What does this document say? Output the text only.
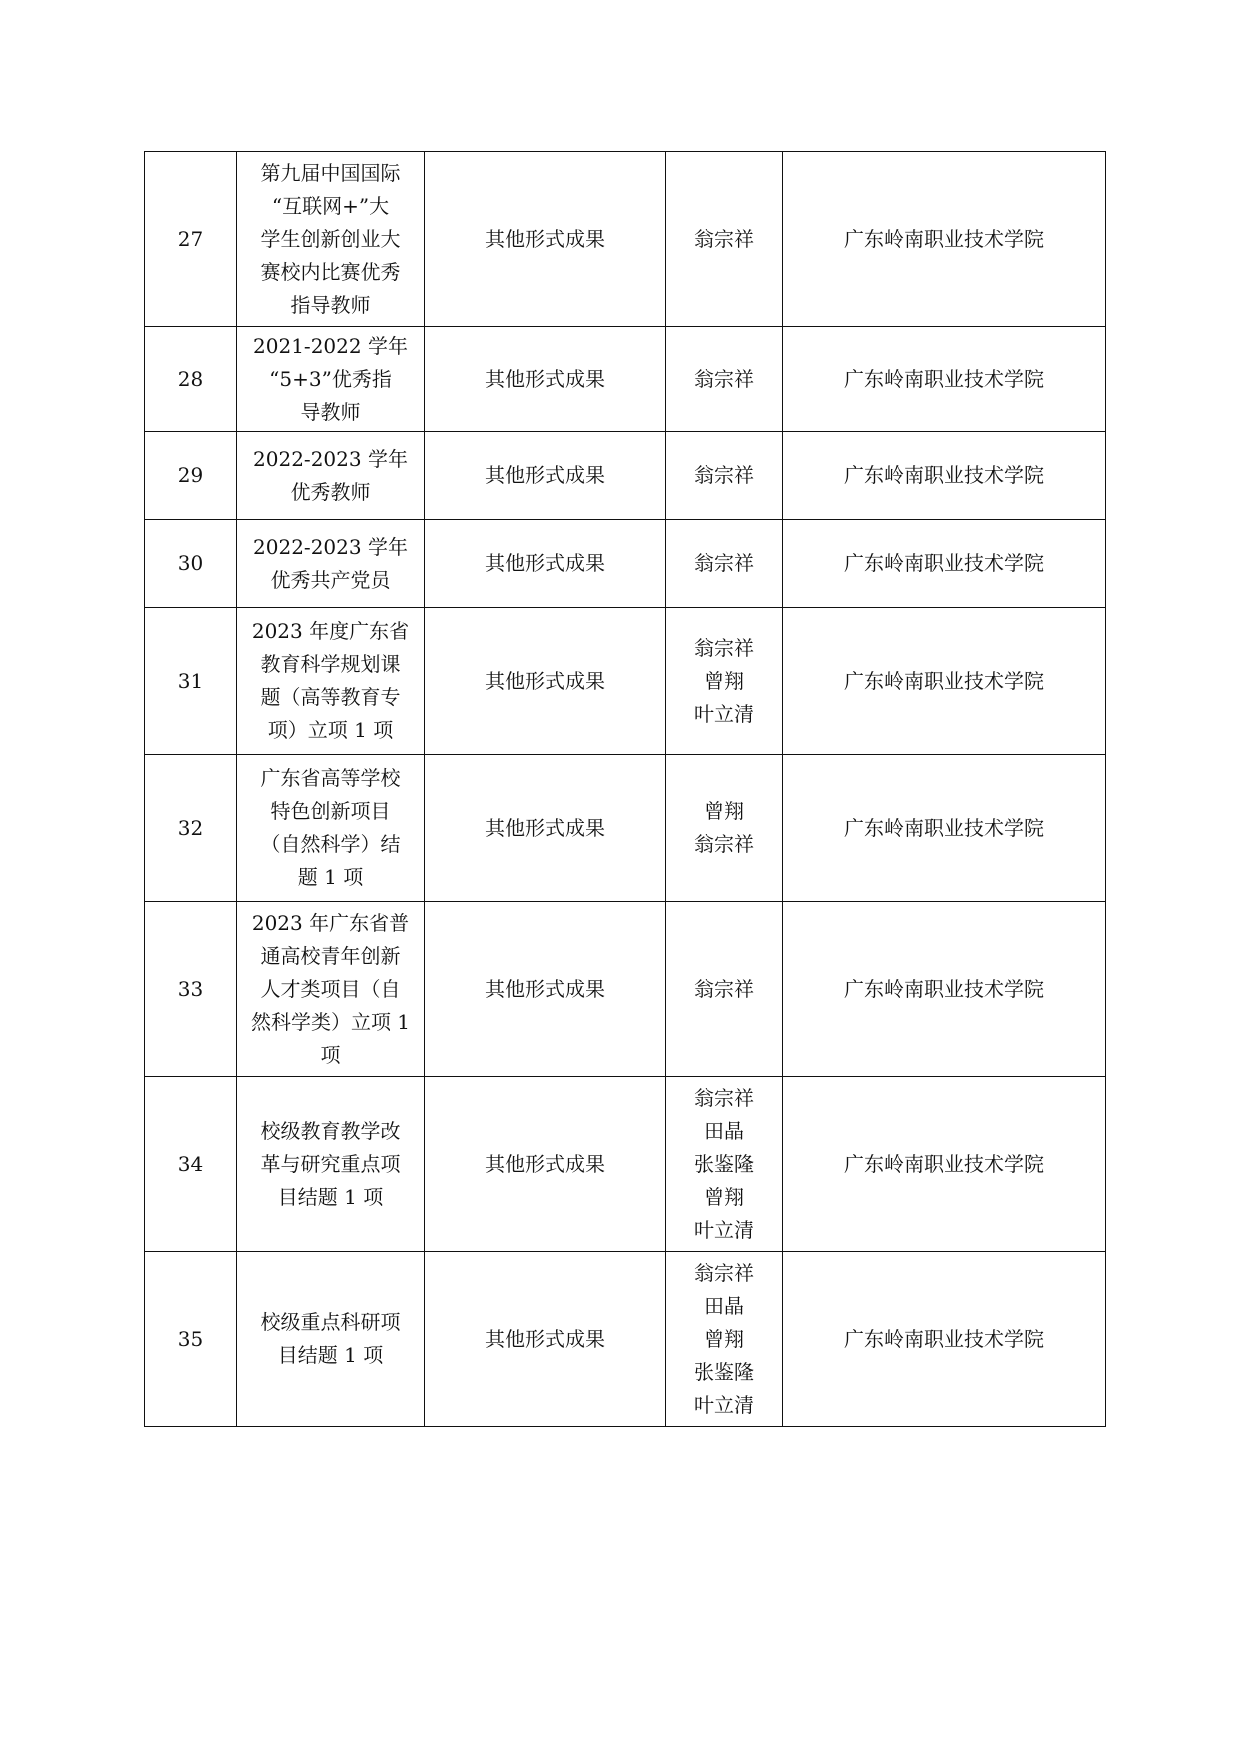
27	第九届中国国际
“互联网+”大
学生创新创业大
赛校内比赛优秀
指导教师	其他形式成果	翁宗祥	广东岭南职业技术学院
28	2021-2022 学年
“5+3”优秀指
导教师	其他形式成果	翁宗祥	广东岭南职业技术学院
29	2022-2023 学年
优秀教师	其他形式成果	翁宗祥	广东岭南职业技术学院
30	2022-2023 学年
优秀共产党员	其他形式成果	翁宗祥	广东岭南职业技术学院
31	2023 年度广东省
教育科学规划课
题（高等教育专
项）立项 1 项	其他形式成果	翁宗祥
曾翔
叶立清	广东岭南职业技术学院
32	广东省高等学校
特色创新项目
（自然科学）结
题 1 项	其他形式成果	曾翔
翁宗祥	广东岭南职业技术学院
33	2023 年广东省普
通高校青年创新
人才类项目（自
然科学类）立项 1
项	其他形式成果	翁宗祥	广东岭南职业技术学院
34	校级教育教学改
革与研究重点项
目结题 1 项	其他形式成果	翁宗祥
田晶
张鉴隆
曾翔
叶立清	广东岭南职业技术学院
35	校级重点科研项
目结题 1 项	其他形式成果	翁宗祥
田晶
曾翔
张鉴隆
叶立清	广东岭南职业技术学院
